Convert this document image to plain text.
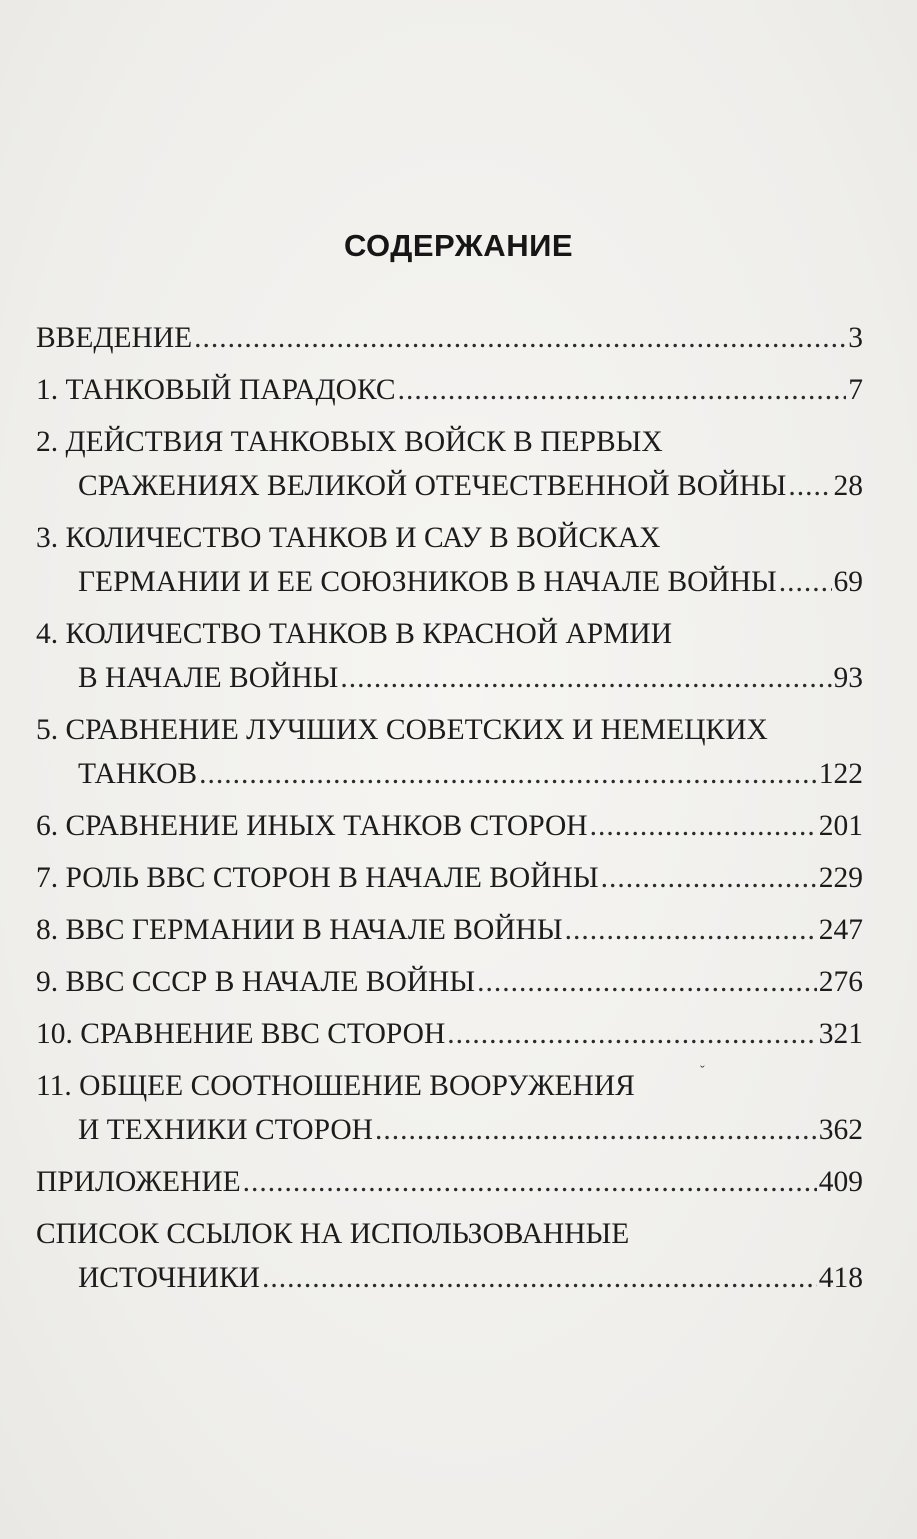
СОДЕРЖАНИЕ
ВВЕДЕНИЕ .....	3
1. ТАНКОВЫЙ ПАРАДОКС .....	7
2. ДЕЙСТВИЯ ТАНКОВЫХ ВОЙСК В ПЕРВЫХ
СРАЖЕНИЯХ ВЕЛИКОЙ ОТЕЧЕСТВЕННОЙ ВОЙНЫ ..... 28
3. КОЛИЧЕСТВО ТАНКОВ И САУ В ВОЙСКАХ
ГЕРМАНИИ И ЕЕ СОЮЗНИКОВ В НАЧАЛЕ ВОЙНЫ ..... 69
4. КОЛИЧЕСТВО ТАНКОВ В КРАСНОЙ АРМИИ
В НАЧАЛЕ ВОЙНЫ .....	93
5. СРАВНЕНИЕ ЛУЧШИХ СОВЕТСКИХ И НЕМЕЦКИХ
ТАНКОВ .....	122
6. СРАВНЕНИЕ ИНЫХ ТАНКОВ СТОРОН .....	201
7. РОЛЬ ВВС СТОРОН В НАЧАЛЕ ВОЙНЫ .....	229
8. ВВС ГЕРМАНИИ В НАЧАЛЕ ВОЙНЫ .....	247
9. ВВС СССР В НАЧАЛЕ ВОЙНЫ .....	276
10. СРАВНЕНИЕ ВВС СТОРОН .....	321
11. ОБЩЕЕ СООТНОШЕНИЕ ВООРУЖЕНИЯ
И ТЕХНИКИ СТОРОН .....	362
ПРИЛОЖЕНИЕ .....	409
СПИСОК ССЫЛОК НА ИСПОЛЬЗОВАННЫЕ
ИСТОЧНИКИ .....	418
ˇ
